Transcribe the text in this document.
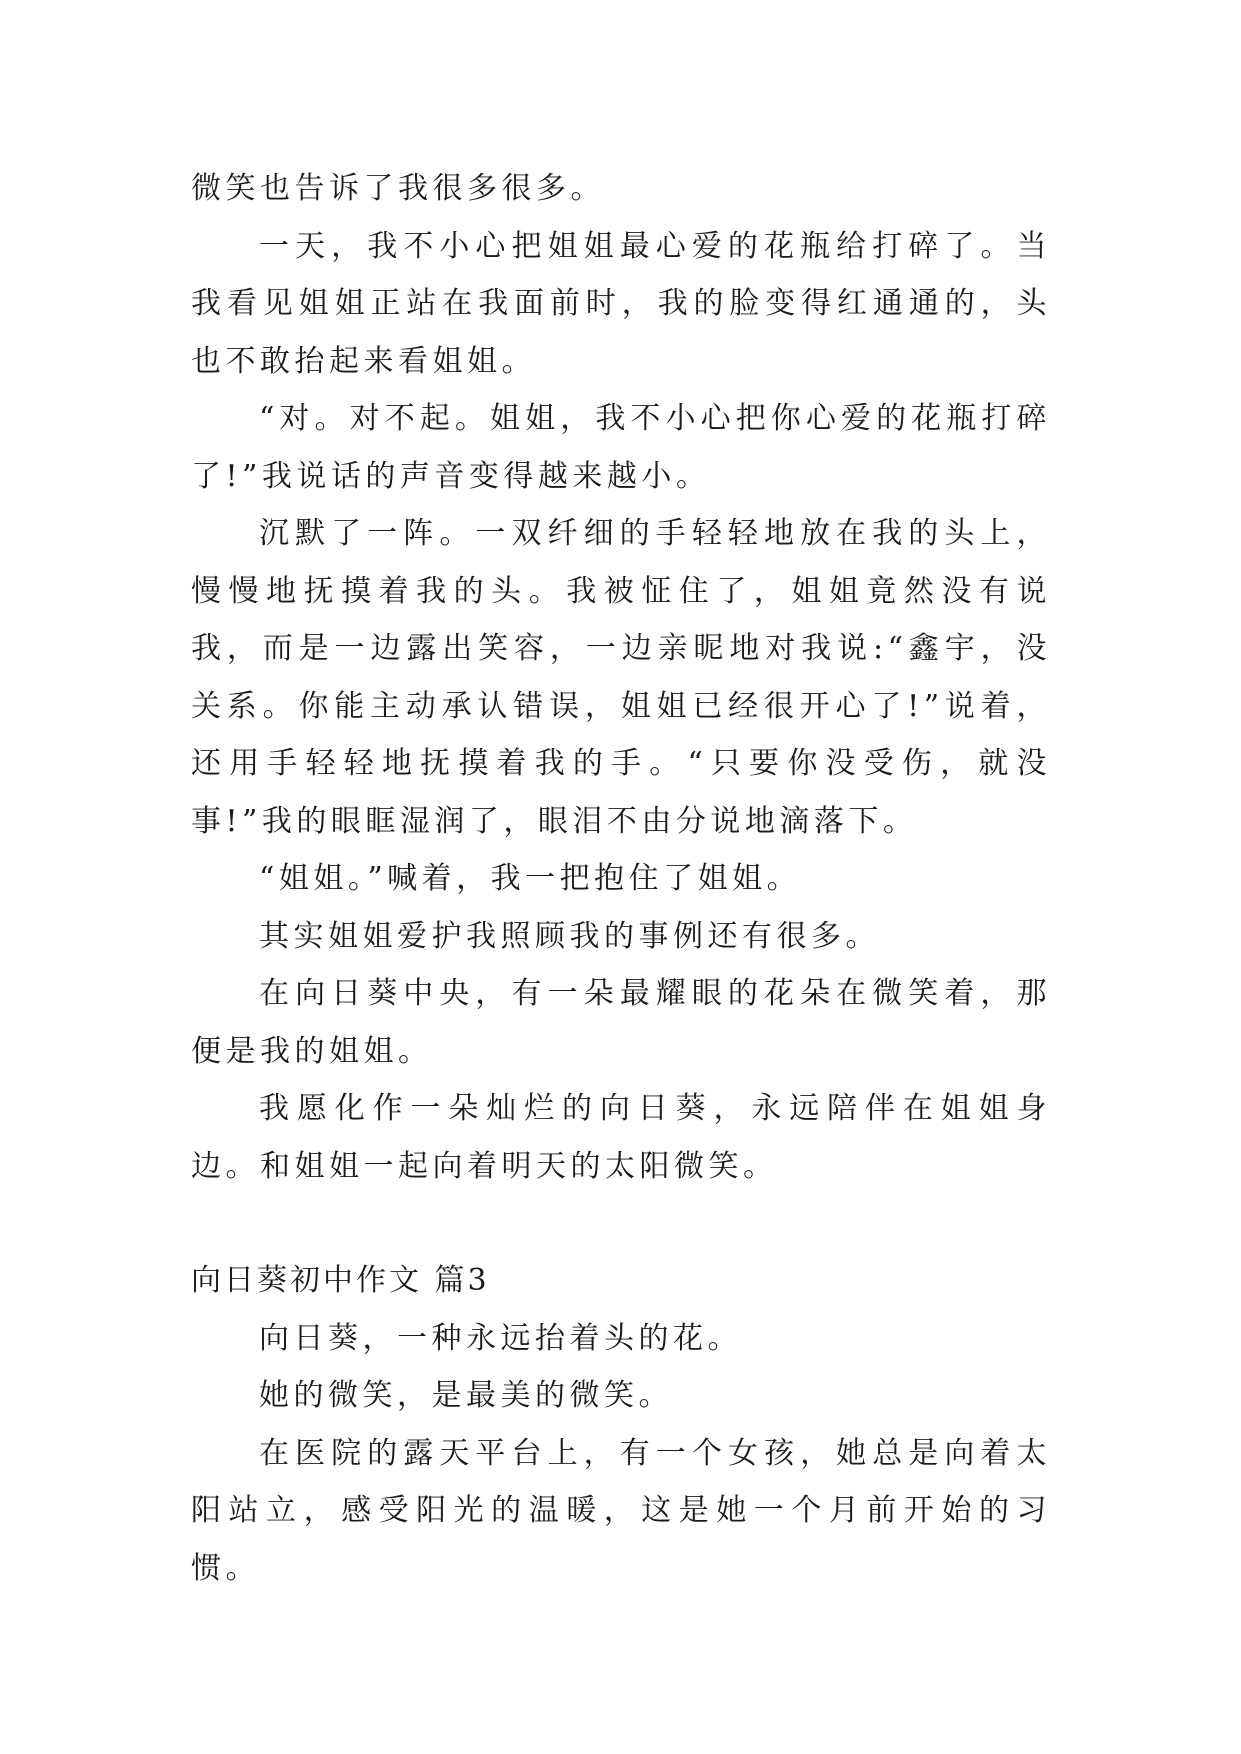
微笑也告诉了我很多很多。

一天，我不小心把姐姐最心爱的花瓶给打碎了。当我看见姐姐正站在我面前时，我的脸变得红通通的，头也不敢抬起来看姐姐。

“对。对不起。姐姐，我不小心把你心爱的花瓶打碎了!”我说话的声音变得越来越小。

沉默了一阵。一双纤细的手轻轻地放在我的头上，慢慢地抚摸着我的头。我被怔住了，姐姐竟然没有说我，而是一边露出笑容，一边亲昵地对我说:“鑫宇，没关系。你能主动承认错误，姐姐已经很开心了!”说着，还用手轻轻地抚摸着我的手。“只要你没受伤，就没事!”我的眼眶湿润了，眼泪不由分说地滴落下。

“姐姐。”喊着，我一把抱住了姐姐。

其实姐姐爱护我照顾我的事例还有很多。

在向日葵中央，有一朵最耀眼的花朵在微笑着，那便是我的姐姐。

我愿化作一朵灿烂的向日葵，永远陪伴在姐姐身边。和姐姐一起向着明天的太阳微笑。

向日葵初中作文 篇3

向日葵，一种永远抬着头的花。

她的微笑，是最美的微笑。

在医院的露天平台上，有一个女孩，她总是向着太阳站立，感受阳光的温暖，这是她一个月前开始的习惯。
